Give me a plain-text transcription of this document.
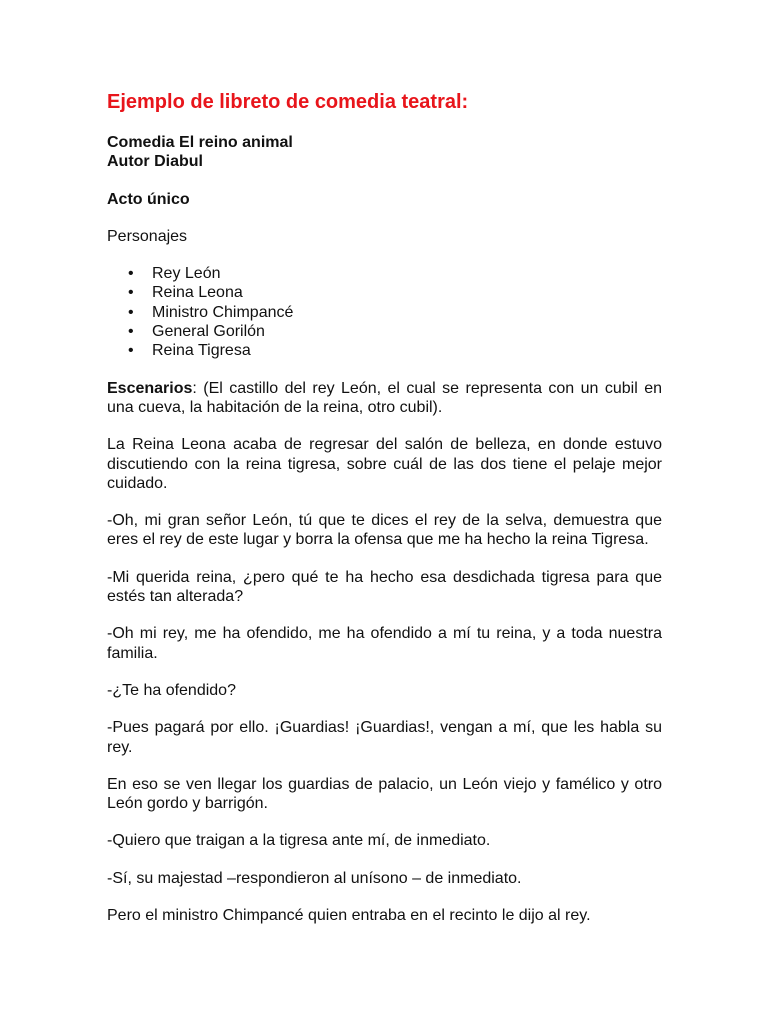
Ejemplo de libreto de comedia teatral:
Comedia El reino animal
Autor Diabul
Acto único
Personajes
• Rey León
• Reina Leona
• Ministro Chimpancé
• General Gorilón
• Reina Tigresa

Escenarios: (El castillo del rey León, el cual se representa con un cubil en una cueva, la habitación de la reina, otro cubil).

La Reina Leona acaba de regresar del salón de belleza, en donde estuvo discutiendo con la reina tigresa, sobre cuál de las dos tiene el pelaje mejor cuidado.

-Oh, mi gran señor León, tú que te dices el rey de la selva, demuestra que eres el rey de este lugar y borra la ofensa que me ha hecho la reina Tigresa.

-Mi querida reina, ¿pero qué te ha hecho esa desdichada tigresa para que estés tan alterada?

-Oh mi rey, me ha ofendido, me ha ofendido a mí tu reina, y a toda nuestra familia.

-¿Te ha ofendido?

-Pues pagará por ello. ¡Guardias! ¡Guardias!, vengan a mí, que les habla su rey.

En eso se ven llegar los guardias de palacio, un León viejo y famélico y otro León gordo y barrigón.

-Quiero que traigan a la tigresa ante mí, de inmediato.

-Sí, su majestad –respondieron al unísono – de inmediato.

Pero el ministro Chimpancé quien entraba en el recinto le dijo al rey.
